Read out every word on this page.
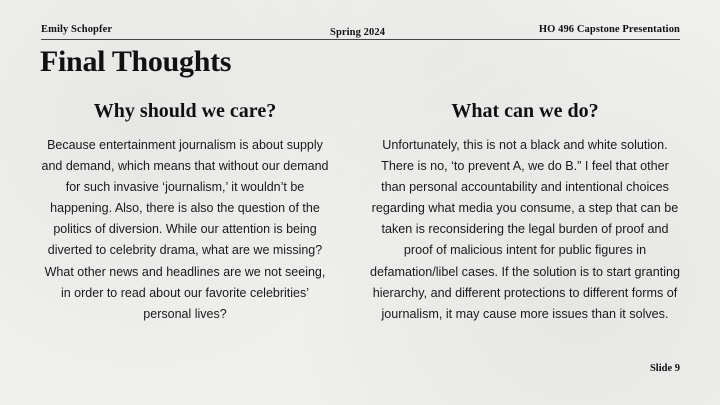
Emily Schopfer	Spring 2024	HO 496 Capstone Presentation
Final Thoughts
Why should we care?

Because entertainment journalism is about supply and demand, which means that without our demand for such invasive ‘journalism,’ it wouldn’t be happening. Also, there is also the question of the politics of diversion. While our attention is being diverted to celebrity drama, what are we missing? What other news and headlines are we not seeing, in order to read about our favorite celebrities’ personal lives?

What can we do?

Unfortunately, this is not a black and white solution. There is no, ‘to prevent A, we do B.” I feel that other than personal accountability and intentional choices regarding what media you consume, a step that can be taken is reconsidering the legal burden of proof and proof of malicious intent for public figures in defamation/libel cases. If the solution is to start granting hierarchy, and different protections to different forms of journalism, it may cause more issues than it solves.

Slide 9
